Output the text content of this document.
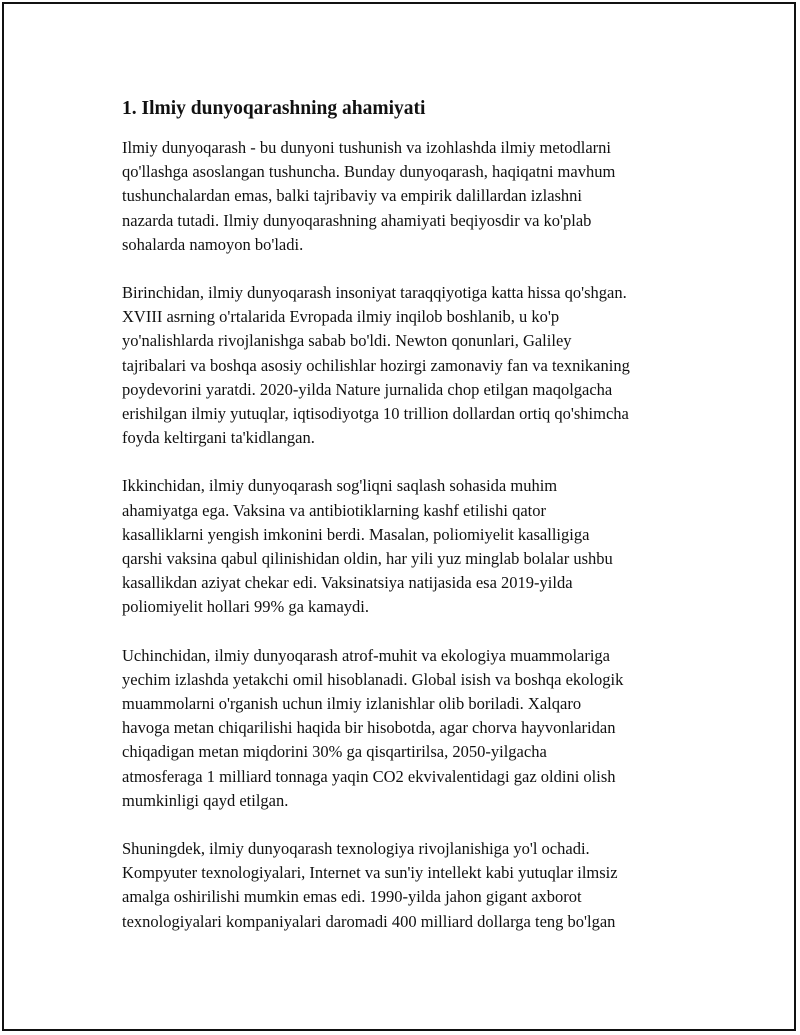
1. Ilmiy dunyoqarashning ahamiyati

Ilmiy dunyoqarash - bu dunyoni tushunish va izohlashda ilmiy metodlarni
qo'llashga asoslangan tushuncha. Bunday dunyoqarash, haqiqatni mavhum
tushunchalardan emas, balki tajribaviy va empirik dalillardan izlashni
nazarda tutadi. Ilmiy dunyoqarashning ahamiyati beqiyosdir va ko'plab
sohalarda namoyon bo'ladi.

Birinchidan, ilmiy dunyoqarash insoniyat taraqqiyotiga katta hissa qo'shgan.
XVIII asrning o'rtalarida Evropada ilmiy inqilob boshlanib, u ko'p
yo'nalishlarda rivojlanishga sabab bo'ldi. Newton qonunlari, Galiley
tajribalari va boshqa asosiy ochilishlar hozirgi zamonaviy fan va texnikaning
poydevorini yaratdi. 2020-yilda Nature jurnalida chop etilgan maqolgacha
erishilgan ilmiy yutuqlar, iqtisodiyotga 10 trillion dollardan ortiq qo'shimcha
foyda keltirgani ta'kidlangan.

Ikkinchidan, ilmiy dunyoqarash sog'liqni saqlash sohasida muhim
ahamiyatga ega. Vaksina va antibiotiklarning kashf etilishi qator
kasalliklarni yengish imkonini berdi. Masalan, poliomiyelit kasalligiga
qarshi vaksina qabul qilinishidan oldin, har yili yuz minglab bolalar ushbu
kasallikdan aziyat chekar edi. Vaksinatsiya natijasida esa 2019-yilda
poliomiyelit hollari 99% ga kamaydi.

Uchinchidan, ilmiy dunyoqarash atrof-muhit va ekologiya muammolariga
yechim izlashda yetakchi omil hisoblanadi. Global isish va boshqa ekologik
muammolarni o'rganish uchun ilmiy izlanishlar olib boriladi. Xalqaro
havoga metan chiqarilishi haqida bir hisobotda, agar chorva hayvonlaridan
chiqadigan metan miqdorini 30% ga qisqartirilsa, 2050-yilgacha
atmosferaga 1 milliard tonnaga yaqin CO2 ekvivalentidagi gaz oldini olish
mumkinligi qayd etilgan.

Shuningdek, ilmiy dunyoqarash texnologiya rivojlanishiga yo'l ochadi.
Kompyuter texnologiyalari, Internet va sun'iy intellekt kabi yutuqlar ilmsiz
amalga oshirilishi mumkin emas edi. 1990-yilda jahon gigant axborot
texnologiyalari kompaniyalari daromadi 400 milliard dollarga teng bo'lgan
